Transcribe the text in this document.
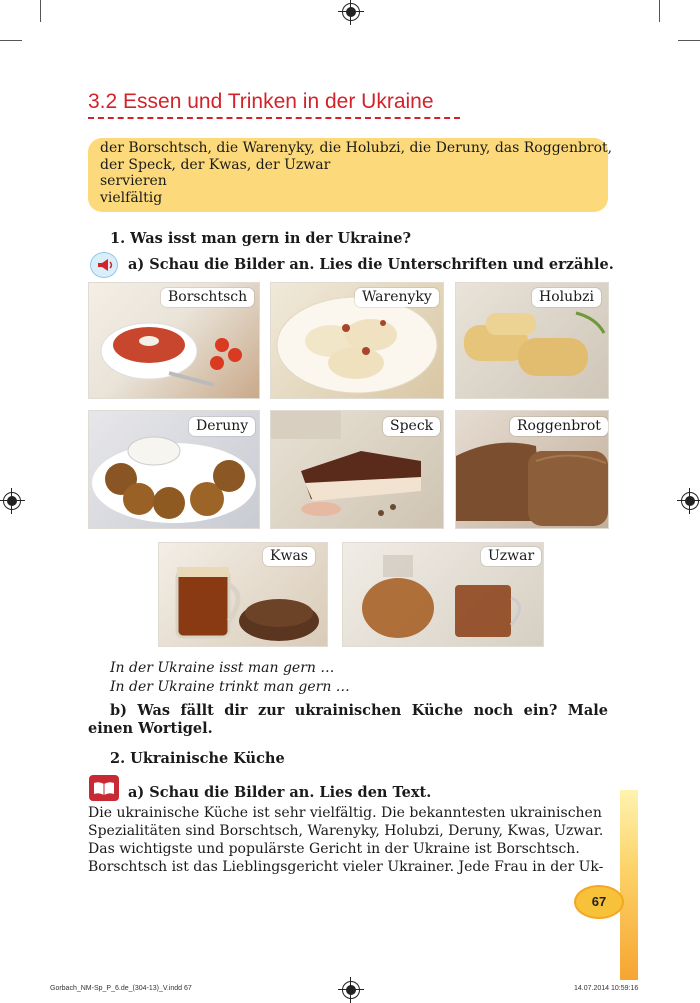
3.2 Essen und Trinken in der Ukraine
der Borschtsch, die Warenyky, die Holubzi, die Deruny, das Roggenbrot,
der Speck, der Kwas, der Uzwar
servieren
vielfältig
1. Was isst man gern in der Ukraine?
a) Schau die Bilder an. Lies die Unterschriften und erzähle.
Borschtsch	Warenyky	Holubzi
Deruny	Speck	Roggenbrot
Kwas	Uzwar
In der Ukraine isst man gern …
In der Ukraine trinkt man gern …
b) Was fällt dir zur ukrainischen Küche noch ein? Male einen Wortigel.
2. Ukrainische Küche
a) Schau die Bilder an. Lies den Text.

Die ukrainische Küche ist sehr vielfältig. Die bekanntesten ukrainischen

Spezialitäten sind Borschtsch, Warenyky, Holubzi, Deruny, Kwas, Uzwar.

Das wichtigste und populärste Gericht in der Ukraine ist Borschtsch.

Borschtsch ist das Lieblingsgericht vieler Ukrainer. Jede Frau in der Uk-

67
Gorbach_NM-Sp_P_6.de_(304-13)_V.indd 67	14.07.2014 10:59:16
